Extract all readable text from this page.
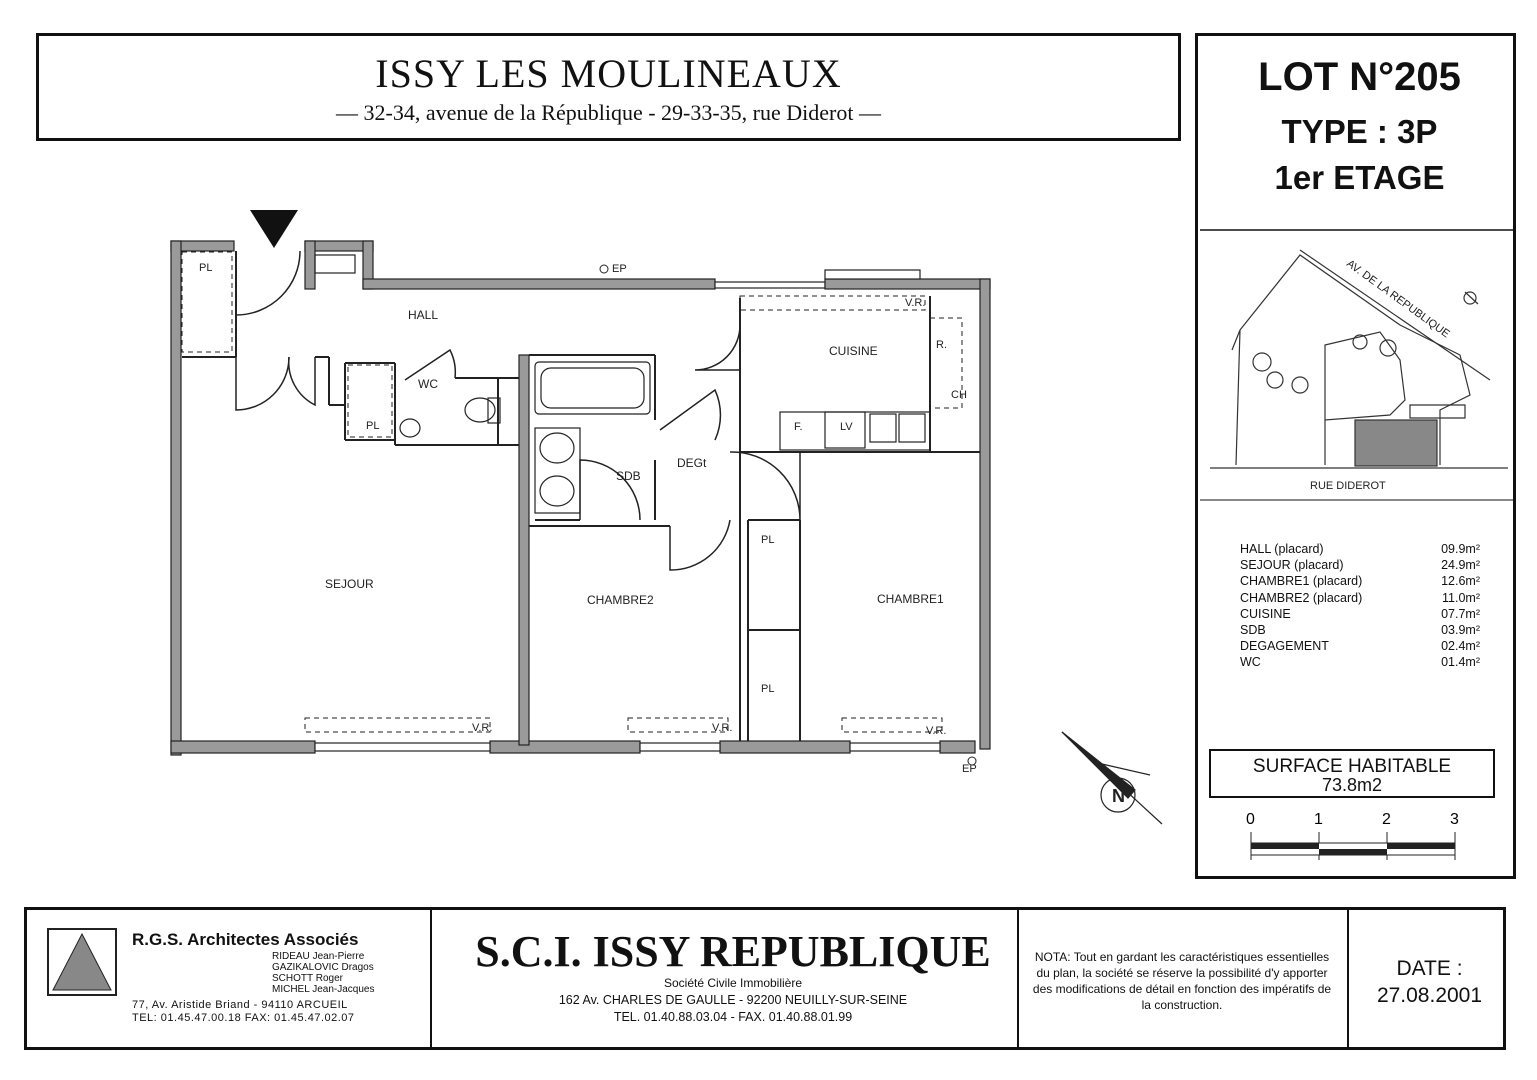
ISSY LES MOULINEAUX
— 32-34, avenue de la République - 29-33-35, rue Diderot —
LOT N°205
TYPE : 3P
1er ETAGE
HALL
CUISINE
WC
SDB
DEGt
SEJOUR
CHAMBRE2	CHAMBRE1
PL
PL
PL
PL
R.
CH
F.	LV
V.R.
V.R.	V.R.	V.R.
EP
EP
N
AV. DE LA REPUBLIQUE
RUE DIDEROT
0	1	2	3
HALL (placard)	09.9m²
SEJOUR (placard)	24.9m²
CHAMBRE1 (placard)	12.6m²
CHAMBRE2 (placard)	11.0m²
CUISINE	07.7m²
SDB	03.9m²
DEGAGEMENT	02.4m²
WC	01.4m²
SURFACE HABITABLE
73.8m2
R.G.S. Architectes Associés
RIDEAU Jean-Pierre
GAZIKALOVIC Dragos
SCHOTT Roger
MICHEL Jean-Jacques
77, Av. Aristide Briand - 94110 ARCUEIL
TEL: 01.45.47.00.18 FAX: 01.45.47.02.07
S.C.I. ISSY REPUBLIQUE
Société Civile Immobilière
162 Av. CHARLES DE GAULLE - 92200 NEUILLY-SUR-SEINE
TEL. 01.40.88.03.04 - FAX. 01.40.88.01.99
NOTA: Tout en gardant les caractéristiques essentielles du plan, la société se réserve la possibilité d'y apporter des modifications de détail en fonction des impératifs de la construction.
DATE :
27.08.2001
